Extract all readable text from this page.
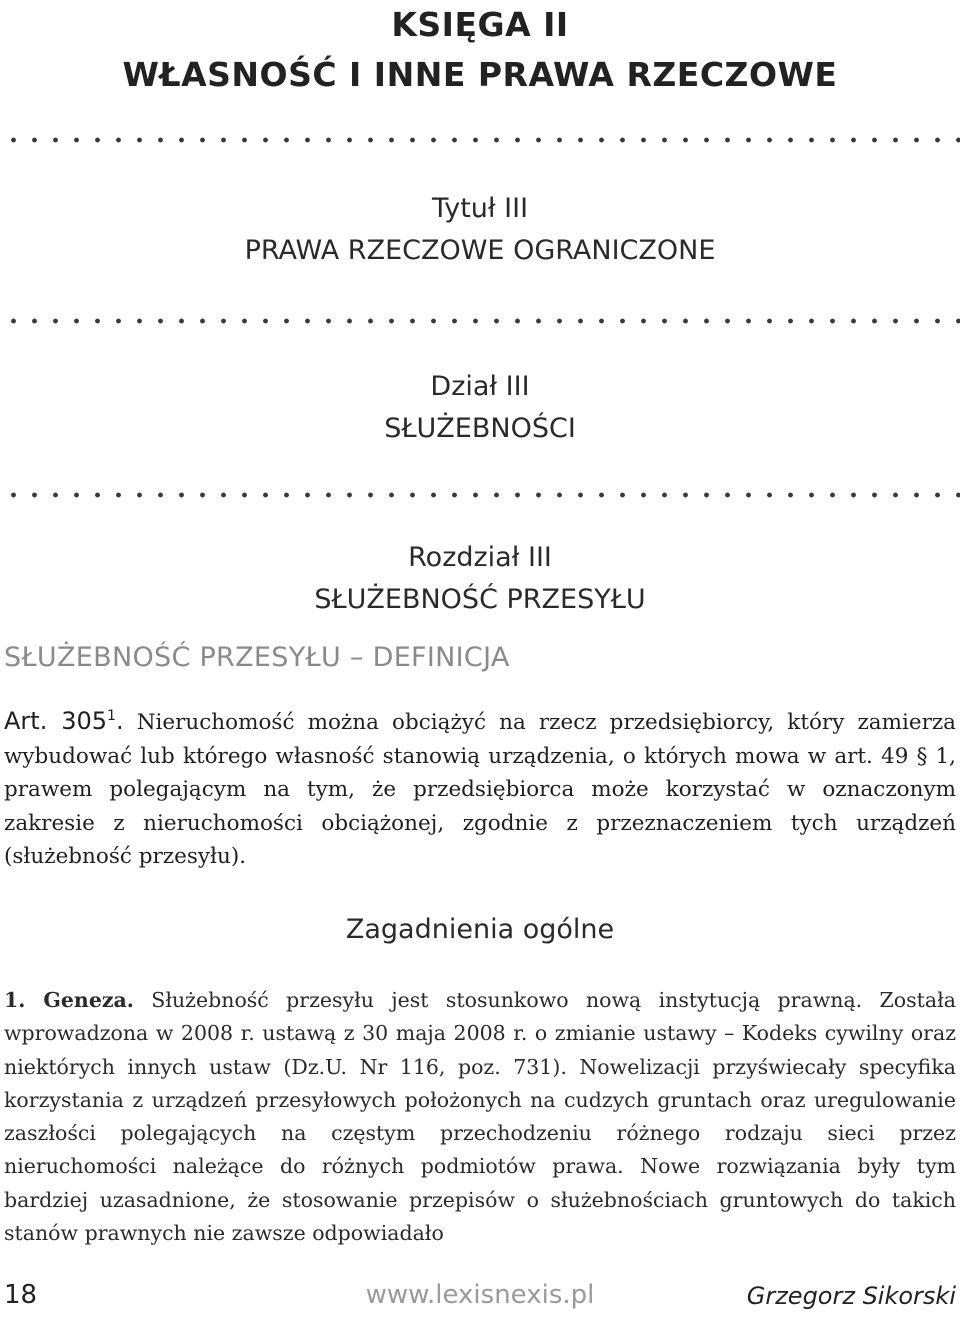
KSIĘGA II
WŁASNOŚĆ I INNE PRAWA RZECZOWE
Tytuł III
PRAWA RZECZOWE OGRANICZONE
Dział III
SŁUŻEBNOŚCI
Rozdział III
SŁUŻEBNOŚĆ PRZESYŁU
SŁUŻEBNOŚĆ PRZESYŁU – DEFINICJA
Art. $305^1$. Nieruchomość można obciążyć na rzecz przedsiębiorcy, który zamierza wybudować lub którego własność stanowią urządzenia, o których mowa w art. 49 § 1, prawem polegającym na tym, że przedsiębiorca może korzystać w oznaczonym zakresie z nieruchomości obciążonej, zgodnie z przeznaczeniem tych urządzeń (służebność przesyłu).
Zagadnienia ogólne
1. Geneza. Służebność przesyłu jest stosunkowo nową instytucją prawną. Została wprowadzona w 2008 r. ustawą z 30 maja 2008 r. o zmianie ustawy – Kodeks cywilny oraz niektórych innych ustaw (Dz.U. Nr 116, poz. 731). Nowelizacji przyświecały specyfika korzystania z urządzeń przesyłowych położonych na cudzych gruntach oraz uregulowanie zaszłości polegających na częstym przechodzeniu różnego rodzaju sieci przez nieruchomości należące do różnych podmiotów prawa. Nowe rozwiązania były tym bardziej uzasadnione, że stosowanie przepisów o służebnościach gruntowych do takich stanów prawnych nie zawsze odpowiadało
18	www.lexisnexis.pl	Grzegorz Sikorski
